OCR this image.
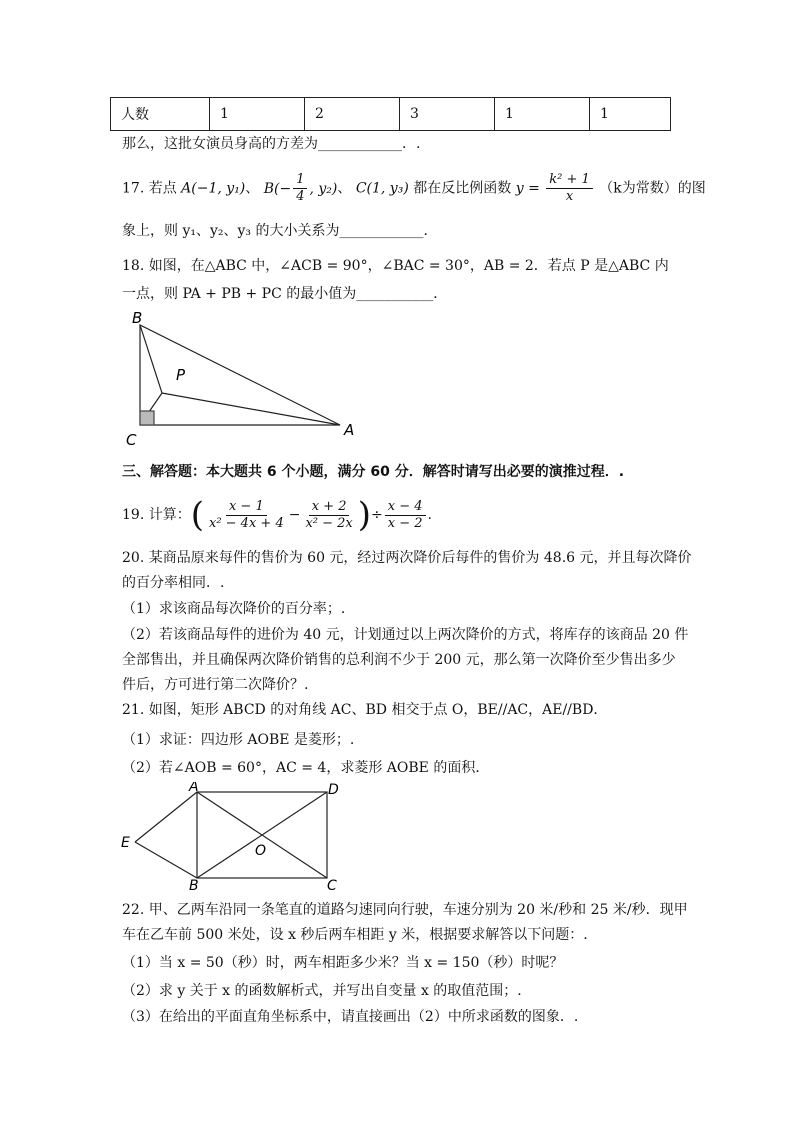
人数	1	2	3	1	1
那么，这批女演员身高的方差为____________．.
17. 若点 A(−1, y₁)、 $B(- \frac{1}{4}$ , y₂)、 C(1, y₃) 都在反比例函数 $y = \frac{\text{k² + 1}}{x} (k$为常数）的图
象上，则 y₁、y₂、y₃ 的大小关系为____________．
18. 如图，在△ABC 中，∠ACB = 90°，∠BAC = 30°，AB = 2．若点 P 是△ABC 内
一点，则 PA + PB + PC 的最小值为___________．
B
P
C
A
三、解答题：本大题共 6 个小题，满分 60 分．解答时请写出必要的演推过程．.
19. 计算：( $\frac{x - 1}{\text{x² − 4x + 4}} - \frac{x + 2}{\text{x² − 2x}}$ )÷ $\frac{x - 4}{x - 2}$ .
20. 某商品原来每件的售价为 60 元，经过两次降价后每件的售价为 48.6 元，并且每次降价
的百分率相同．.
（1）求该商品每次降价的百分率；.
（2）若该商品每件的进价为 40 元，计划通过以上两次降价的方式，将库存的该商品 20 件
全部售出，并且确保两次降价销售的总利润不少于 200 元，那么第一次降价至少售出多少
件后，方可进行第二次降价？.
21. 如图，矩形 ABCD 的对角线 AC、BD 相交于点 O，BE//AC，AE//BD．
（1）求证：四边形 AOBE 是菱形；.
（2）若∠AOB = 60°，AC = 4，求菱形 AOBE 的面积．
A	D
E	O
B	C
22. 甲、乙两车沿同一条笔直的道路匀速同向行驶，车速分别为 20 米/秒和 25 米/秒．现甲
车在乙车前 500 米处，设 x 秒后两车相距 y 米，根据要求解答以下问题：.
（1）当 x = 50（秒）时，两车相距多少米？当 x = 150（秒）时呢？
（2）求 y 关于 x 的函数解析式，并写出自变量 x 的取值范围；.
（3）在给出的平面直角坐标系中，请直接画出（2）中所求函数的图象．.
